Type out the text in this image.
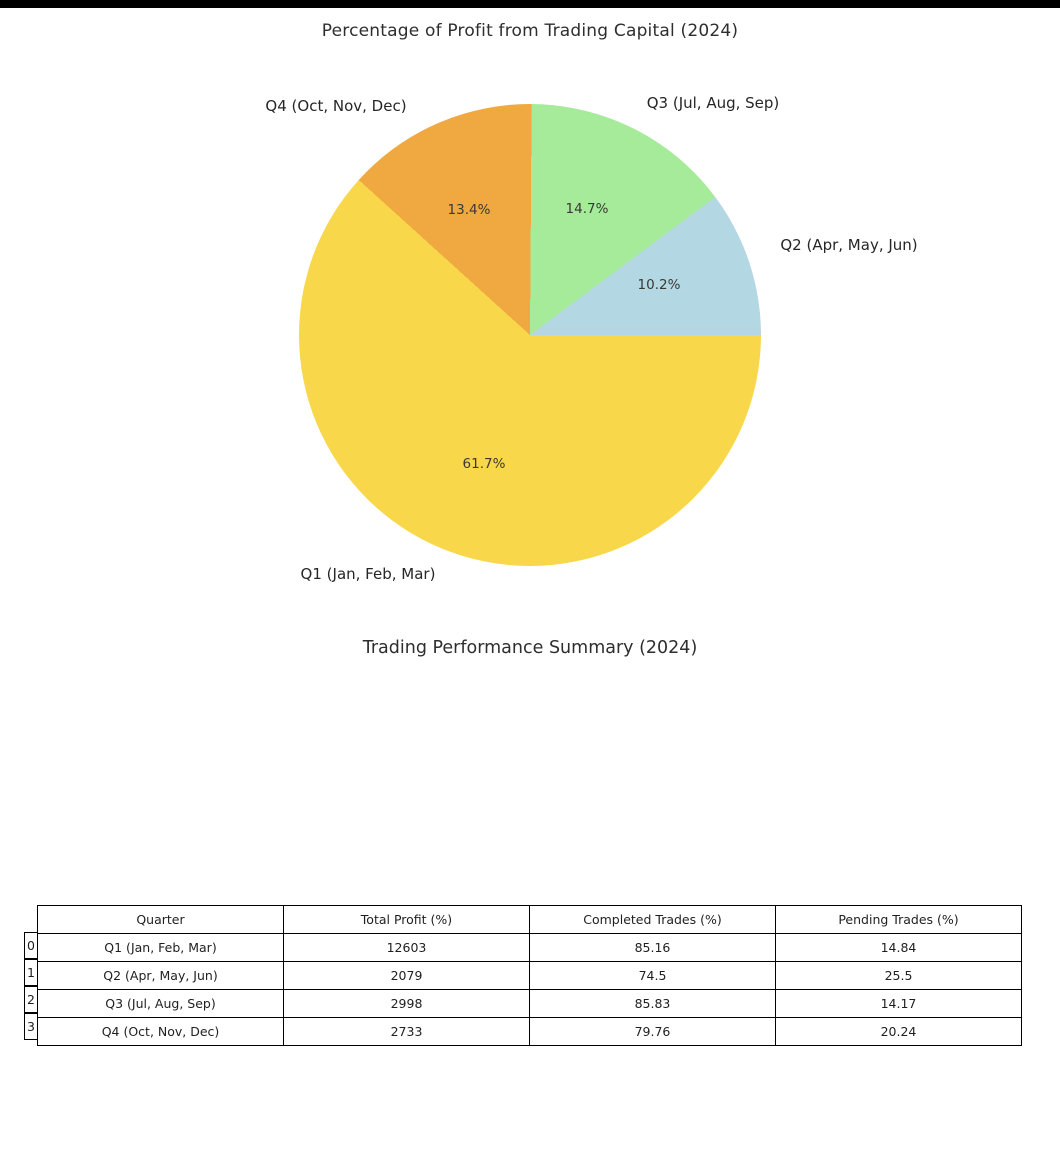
Percentage of Profit from Trading Capital (2024)
Q1 (Jan, Feb, Mar)
Q2 (Apr, May, Jun)
Q3 (Jul, Aug, Sep)
Q4 (Oct, Nov, Dec)
61.7%
10.2%
14.7%
13.4%
Trading Performance Summary (2024)
Quarter	Total Profit (%)	Completed Trades (%)	Pending Trades (%)
Q1 (Jan, Feb, Mar)	12603	85.16	14.84
Q2 (Apr, May, Jun)	2079	74.5	25.5
Q3 (Jul, Aug, Sep)	2998	85.83	14.17
Q4 (Oct, Nov, Dec)	2733	79.76	20.24
0
1
2
3
